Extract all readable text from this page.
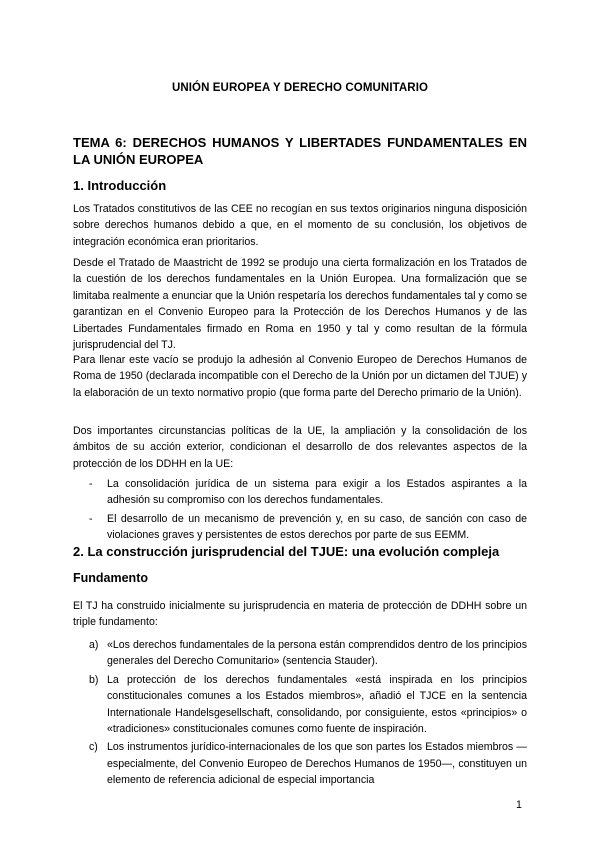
UNIÓN EUROPEA Y DERECHO COMUNITARIO
TEMA 6: DERECHOS HUMANOS Y LIBERTADES FUNDAMENTALES EN LA UNIÓN EUROPEA
1. Introducción

Los Tratados constitutivos de las CEE no recogían en sus textos originarios ninguna disposición sobre derechos humanos debido a que, en el momento de su conclusión, los objetivos de integración económica eran prioritarios.

Desde el Tratado de Maastricht de 1992 se produjo una cierta formalización en los Tratados de la cuestión de los derechos fundamentales en la Unión Europea. Una formalización que se limitaba realmente a enunciar que la Unión respetaría los derechos fundamentales tal y como se garantizan en el Convenio Europeo para la Protección de los Derechos Humanos y de las Libertades Fundamentales firmado en Roma en 1950 y tal y como resultan de la fórmula jurisprudencial del TJ.

Para llenar este vacío se produjo la adhesión al Convenio Europeo de Derechos Humanos de Roma de 1950 (declarada incompatible con el Derecho de la Unión por un dictamen del TJUE) y la elaboración de un texto normativo propio (que forma parte del Derecho primario de la Unión).

Dos importantes circunstancias políticas de la UE, la ampliación y la consolidación de los ámbitos de su acción exterior, condicionan el desarrollo de dos relevantes aspectos de la protección de los DDHH en la UE:

- La consolidación jurídica de un sistema para exigir a los Estados aspirantes a la adhesión su compromiso con los derechos fundamentales.
- El desarrollo de un mecanismo de prevención y, en su caso, de sanción con caso de violaciones graves y persistentes de estos derechos por parte de sus EEMM.
2. La construcción jurisprudencial del TJUE: una evolución compleja
Fundamento

El TJ ha construido inicialmente su jurisprudencia en materia de protección de DDHH sobre un triple fundamento:

a) «Los derechos fundamentales de la persona están comprendidos dentro de los principios generales del Derecho Comunitario» (sentencia Stauder).
b) La protección de los derechos fundamentales «está inspirada en los principios constitucionales comunes a los Estados miembros», añadió el TJCE en la sentencia Internationale Handelsgesellschaft, consolidando, por consiguiente, estos «principios» o «tradiciones» constitucionales comunes como fuente de inspiración.
c) Los instrumentos jurídico-internacionales de los que son partes los Estados miembros —especialmente, del Convenio Europeo de Derechos Humanos de 1950—, constituyen un elemento de referencia adicional de especial importancia

1
